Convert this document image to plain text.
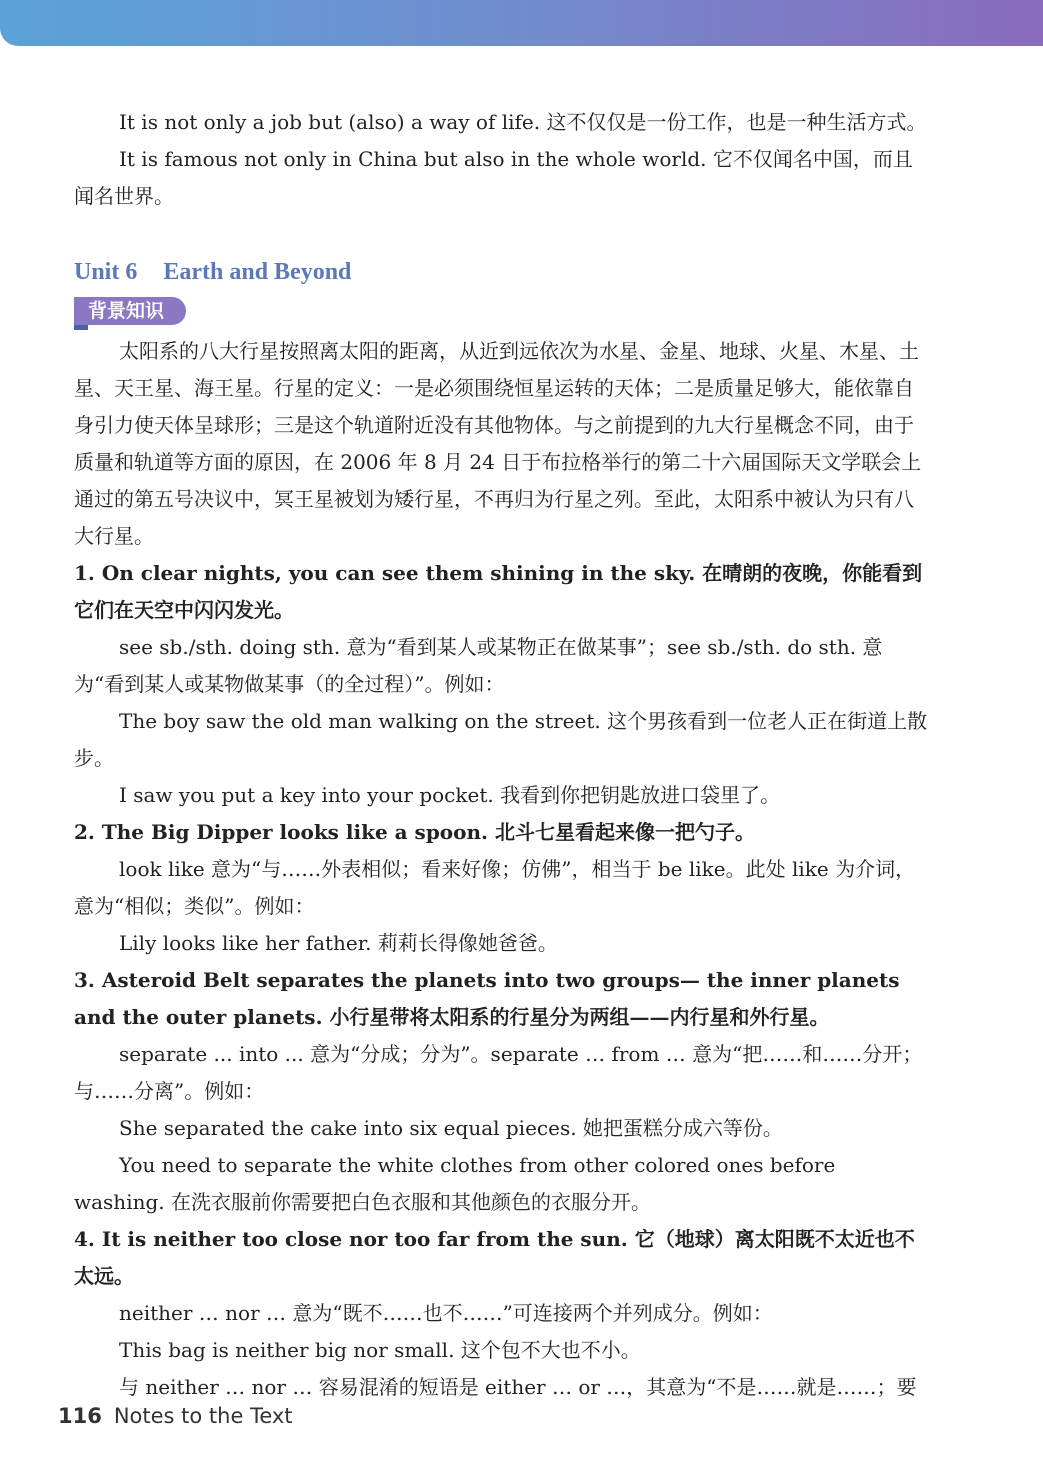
It is not only a job but (also) a way of life. 这不仅仅是一份工作，也是一种生活方式。

It is famous not only in China but also in the whole world. 它不仅闻名中国，而且闻名世界。

Unit 6 Earth and Beyond
背景知识

太阳系的八大行星按照离太阳的距离，从近到远依次为水星、金星、地球、火星、木星、土星、天王星、海王星。行星的定义：一是必须围绕恒星运转的天体；二是质量足够大，能依靠自身引力使天体呈球形；三是这个轨道附近没有其他物体。与之前提到的九大行星概念不同，由于质量和轨道等方面的原因，在 2006 年 8 月 24 日于布拉格举行的第二十六届国际天文学联会上通过的第五号决议中，冥王星被划为矮行星，不再归为行星之列。至此，太阳系中被认为只有八大行星。

1. On clear nights, you can see them shining in the sky. 在晴朗的夜晚，你能看到它们在天空中闪闪发光。

see sb./sth. doing sth. 意为“看到某人或某物正在做某事”；see sb./sth. do sth. 意为“看到某人或某物做某事（的全过程）”。例如：

The boy saw the old man walking on the street. 这个男孩看到一位老人正在街道上散步。

I saw you put a key into your pocket. 我看到你把钥匙放进口袋里了。

2. The Big Dipper looks like a spoon. 北斗七星看起来像一把勺子。

look like 意为“与……外表相似；看来好像；仿佛”，相当于 be like。此处 like 为介词，意为“相似；类似”。例如：

Lily looks like her father. 莉莉长得像她爸爸。

3. Asteroid Belt separates the planets into two groups— the inner planets and the outer planets. 小行星带将太阳系的行星分为两组——内行星和外行星。

separate ... into ... 意为“分成；分为”。separate … from … 意为“把……和……分开；与……分离”。例如：

She separated the cake into six equal pieces. 她把蛋糕分成六等份。

You need to separate the white clothes from other colored ones before washing. 在洗衣服前你需要把白色衣服和其他颜色的衣服分开。

4. It is neither too close nor too far from the sun. 它（地球）离太阳既不太近也不太远。

neither … nor … 意为“既不……也不……”可连接两个并列成分。例如：

This bag is neither big nor small. 这个包不大也不小。

与 neither … nor … 容易混淆的短语是 either … or …，其意为“不是……就是……；要

116 Notes to the Text
